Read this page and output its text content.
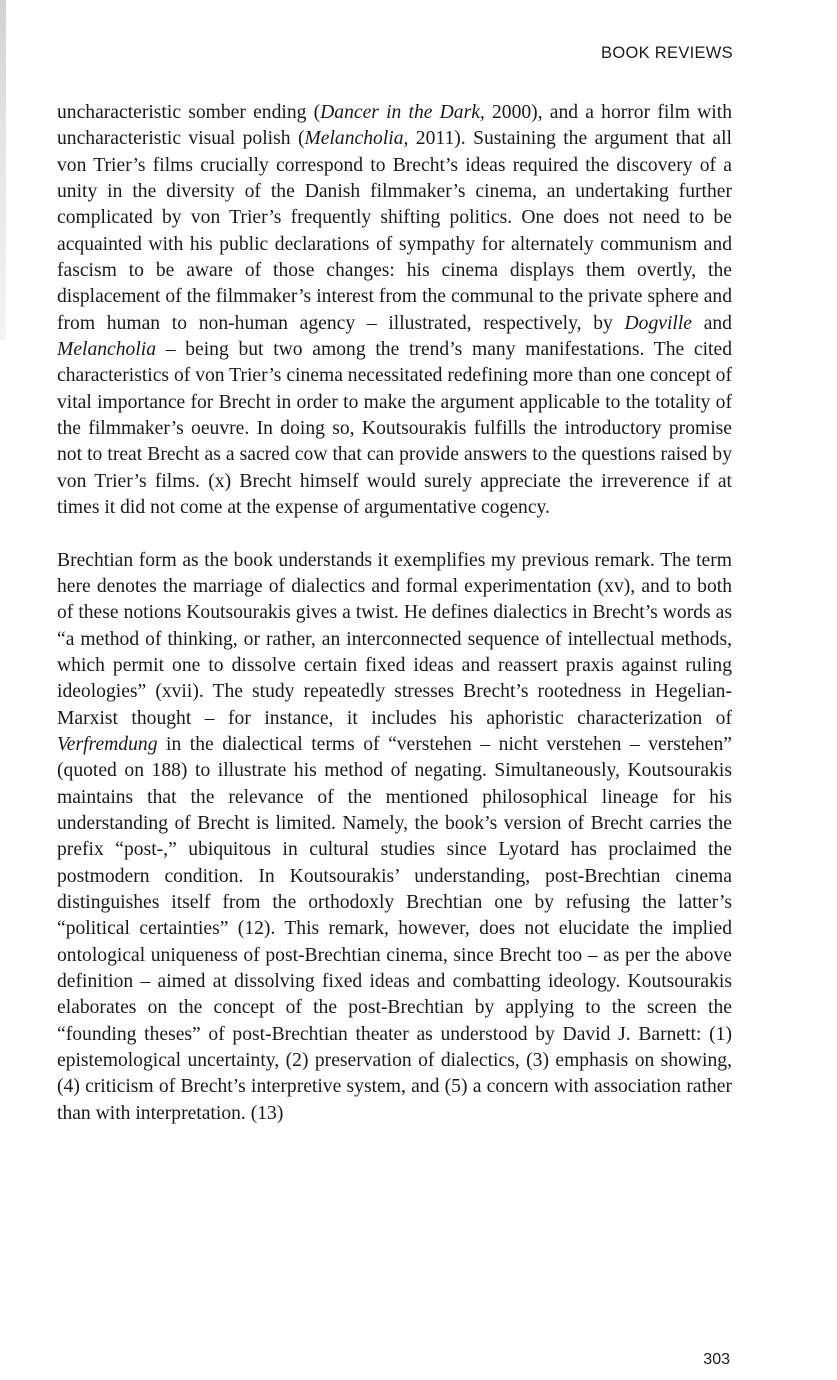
BOOK REVIEWS

uncharacteristic somber ending (Dancer in the Dark, 2000), and a horror film with uncharacteristic visual polish (Melancholia, 2011). Sustaining the argument that all von Trier’s films crucially correspond to Brecht’s ideas required the discovery of a unity in the diversity of the Danish filmmaker’s cinema, an undertaking further complicated by von Trier’s frequently shifting politics. One does not need to be acquainted with his public declarations of sympathy for alternately communism and fascism to be aware of those changes: his cinema displays them overtly, the displacement of the filmmaker’s interest from the communal to the private sphere and from human to non-human agency – illustrated, respectively, by Dogville and Melancholia – being but two among the trend’s many manifestations. The cited characteristics of von Trier’s cinema necessitated redefining more than one concept of vital importance for Brecht in order to make the argument applicable to the totality of the filmmaker’s oeuvre. In doing so, Koutsourakis fulfills the introductory promise not to treat Brecht as a sacred cow that can provide answers to the questions raised by von Trier’s films. (x) Brecht himself would surely appreciate the irreverence if at times it did not come at the expense of argumentative cogency.

Brechtian form as the book understands it exemplifies my previous remark. The term here denotes the marriage of dialectics and formal experimentation (xv), and to both of these notions Koutsourakis gives a twist. He defines dialectics in Brecht’s words as “a method of thinking, or rather, an interconnected sequence of intellectual methods, which permit one to dissolve certain fixed ideas and reassert praxis against ruling ideologies” (xvii). The study repeatedly stresses Brecht’s rootedness in Hegelian-Marxist thought – for instance, it includes his aphoristic characterization of Verfremdung in the dialectical terms of “verstehen – nicht verstehen – verstehen” (quoted on 188) to illustrate his method of negating. Simultaneously, Koutsourakis maintains that the relevance of the mentioned philosophical lineage for his understanding of Brecht is limited. Namely, the book’s version of Brecht carries the prefix “post-,” ubiquitous in cultural studies since Lyotard has proclaimed the postmodern condition. In Koutsourakis’ understanding, post-Brechtian cinema distinguishes itself from the orthodoxly Brechtian one by refusing the latter’s “political certainties” (12). This remark, however, does not elucidate the implied ontological uniqueness of post-Brechtian cinema, since Brecht too – as per the above definition – aimed at dissolving fixed ideas and combatting ideology. Koutsourakis elaborates on the concept of the post-Brechtian by applying to the screen the “founding theses” of post-Brechtian theater as understood by David J. Barnett: (1) epistemological uncertainty, (2) preservation of dialectics, (3) emphasis on showing, (4) criticism of Brecht’s interpretive system, and (5) a concern with association rather than with interpretation. (13)

303
